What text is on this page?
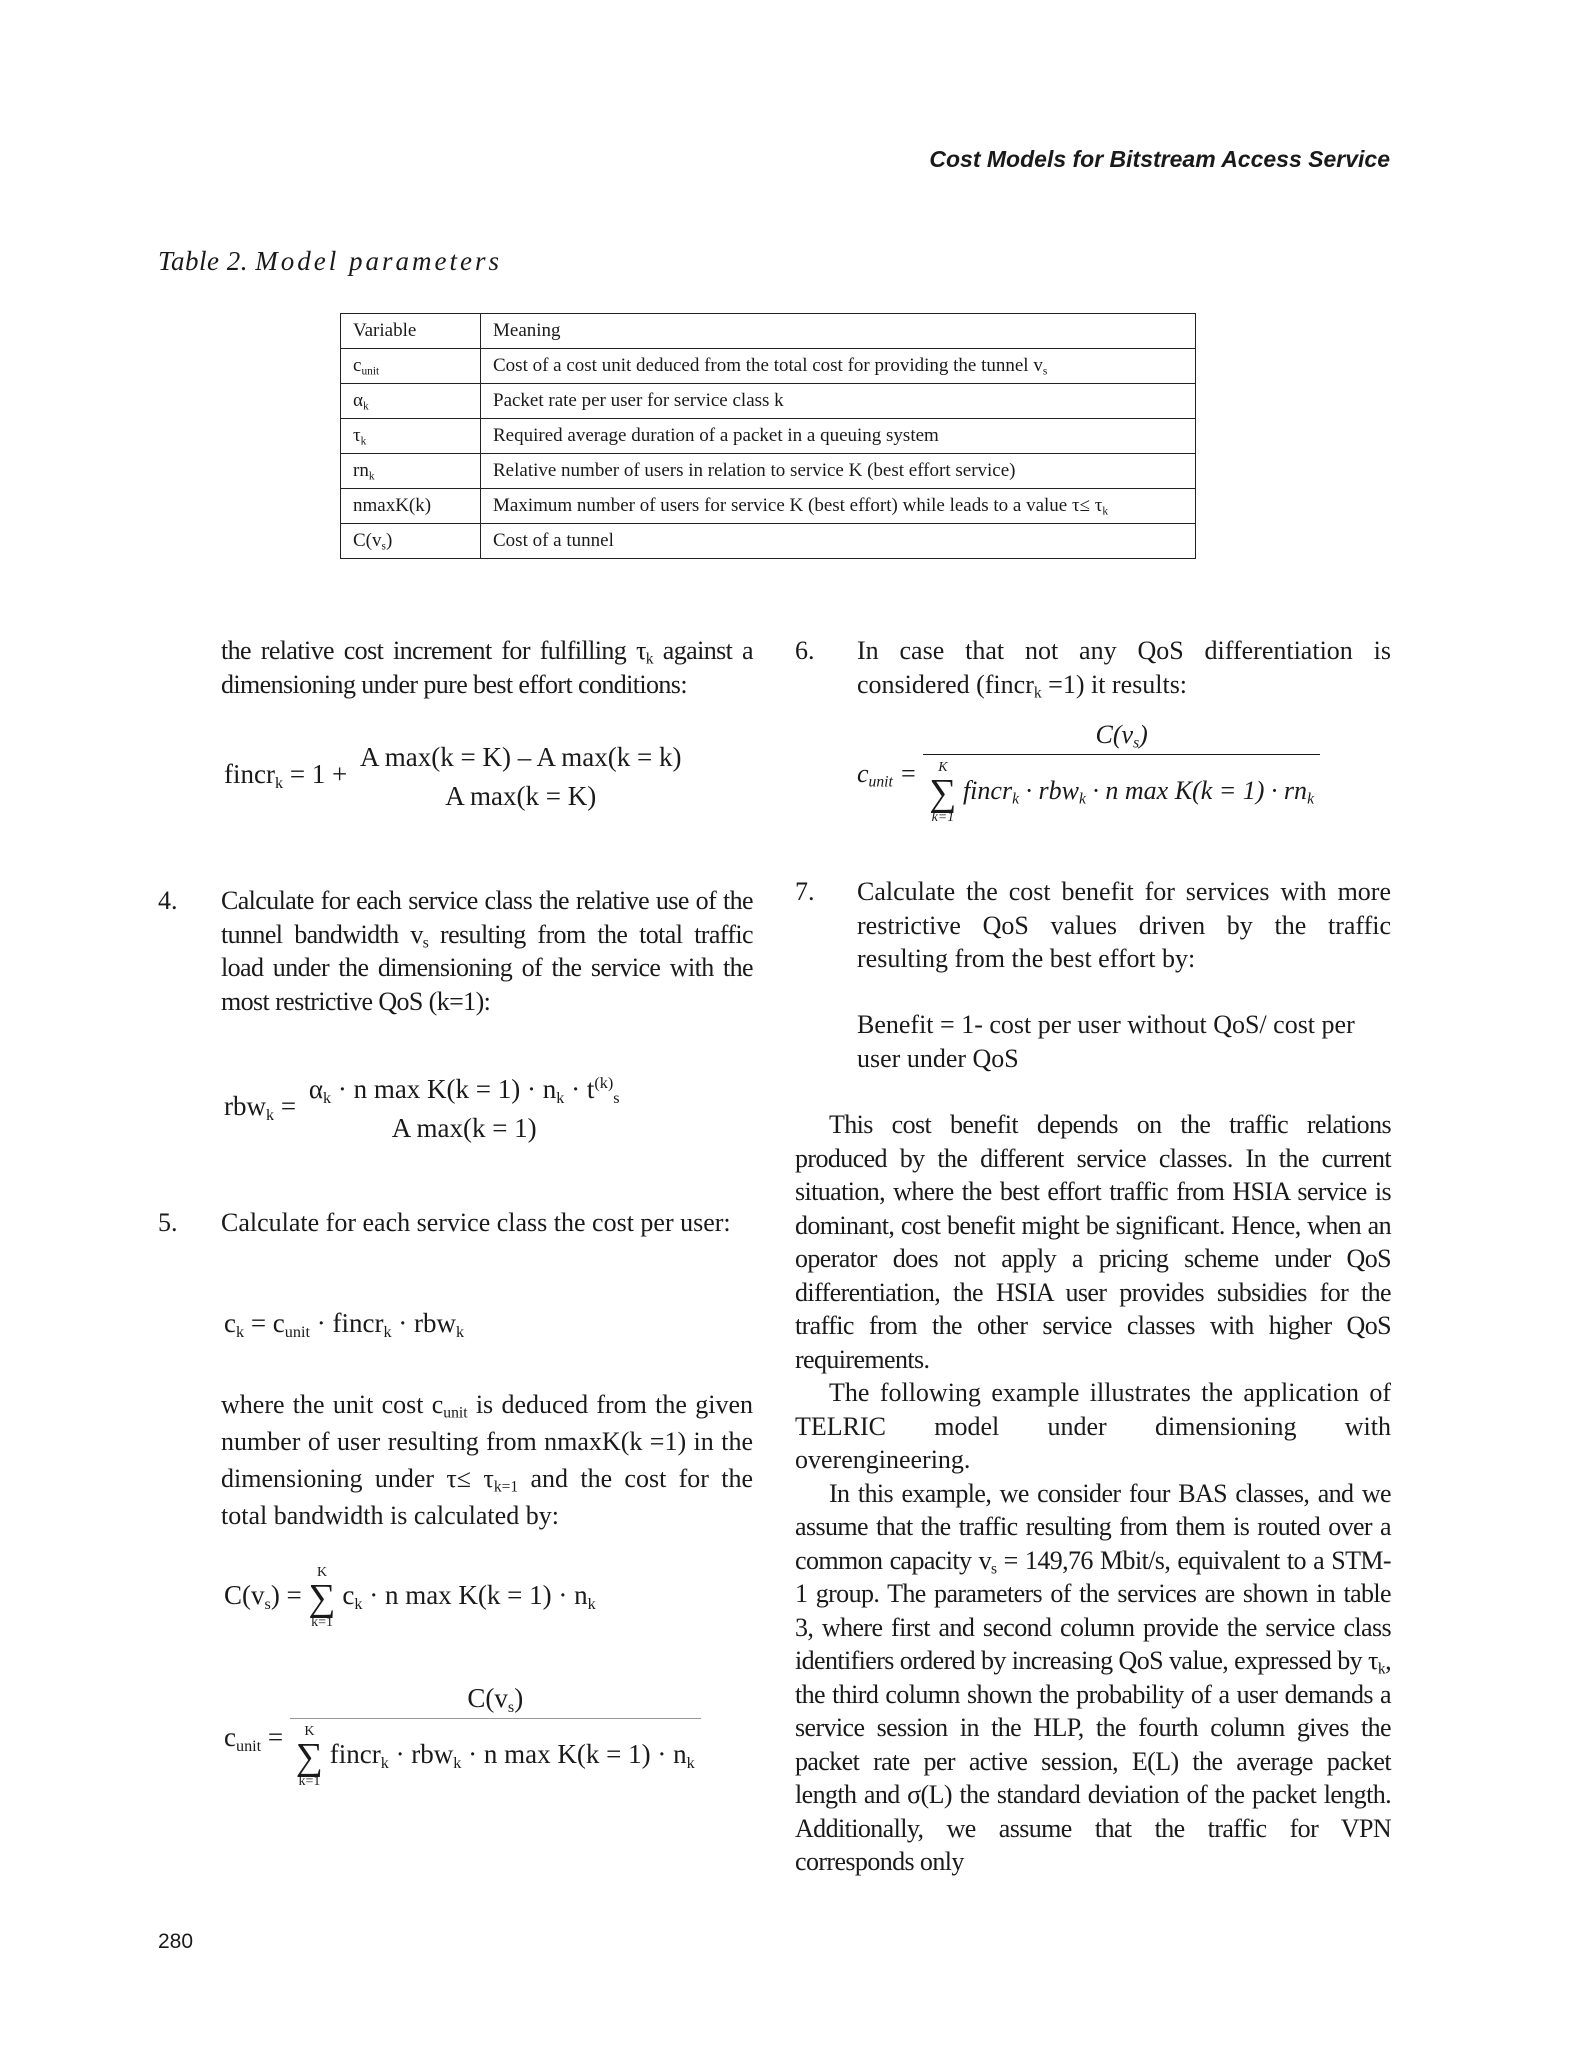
Cost Models for Bitstream Access Service
Table 2. Model parameters
Variable	Meaning
$c_{unit}$	Cost of a cost unit deduced from the total cost for providing the tunnel $v_s$
$\alpha_k$	Packet rate per user for service class k
$\tau_k$	Required average duration of a packet in a queuing system
$rn_k$	Relative number of users in relation to service K (best effort service)
nmaxK(k)	Maximum number of users for service K (best effort) while leads to a value $\tau\le \tau_k$
$C(v_s)$	Cost of a tunnel

the relative cost increment for fulfilling $\tau_k$ against a dimensioning under pure best effort conditions:

fincr$_k$ = 1 +
A max(k = K) – A max(k = k)
A max(k = K)
4. Calculate for each service class the relative use of the tunnel bandwidth $v_s$ resulting from the total traffic load under the dimensioning of the service with the most restrictive QoS (k=1):

rbw$_k$ =
$\alpha_k \cdot n$ $\max K(k = 1) \cdot n_k \cdot t^{(k)}_s$
A max(k = 1)
5. Calculate for each service class the cost per user:

$c_k = c_{unit}$ · fincr$_k$ · rbw$_k$

where the unit cost $c_{unit}$ is deduced from the given number of user resulting from nmaxK(k =1) in the dimensioning under $\tau\le \tau_{k=1}$ and the cost for the total bandwidth is calculated by:

$C(v_s) = K$
∑
k=1 $c_k \cdot n$ $\max K(k = 1) \cdot n_k$
$c_{unit}$ =
$C(v_s)$
K
∑
k=1 fincr$_k$ · rbw$_k$ · n $\max K(k = 1) \cdot n_k$
6. In case that not any QoS differentiation is considered (fincr$_k$ =1) it results:

$c_{unit}$ =
$C(v_s)$
K
∑
k=1 fincr$_k$ · rbw$_k$ · n $\max K(k = 1) \cdot rn_k$
7. Calculate the cost benefit for services with more restrictive QoS values driven by the traffic resulting from the best effort by:

Benefit = 1- cost per user without QoS/ cost per user under QoS

This cost benefit depends on the traffic relations produced by the different service classes. In the current situation, where the best effort traffic from HSIA service is dominant, cost benefit might be significant. Hence, when an operator does not apply a pricing scheme under QoS differentiation, the HSIA user provides subsidies for the traffic from the other service classes with higher QoS requirements.

The following example illustrates the application of TELRIC model under dimensioning with overengineering.

In this example, we consider four BAS classes, and we assume that the traffic resulting from them is routed over a common capacity $v_s = 149,76$ Mbit/s, equivalent to a STM-1 group. The parameters of the services are shown in table 3, where first and second column provide the service class identifiers ordered by increasing QoS value, expressed by $\tau_k$, the third column shown the probability of a user demands a service session in the HLP, the fourth column gives the packet rate per active session, E(L) the average packet length and σ(L) the standard deviation of the packet length. Additionally, we assume that the traffic for VPN corresponds only

280
